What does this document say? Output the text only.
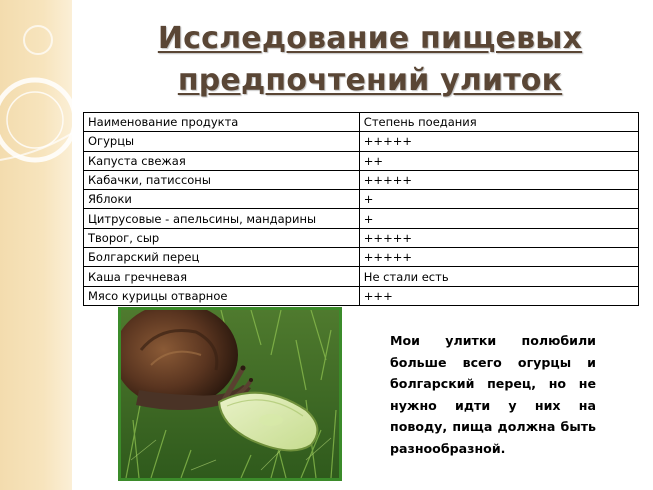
Исследование пищевых
предпочтений улиток
Наименование продукта	Степень поедания
Огурцы	+++++
Капуста свежая	++
Кабачки, патиссоны	+++++
Яблоки	+
Цитрусовые - апельсины, мандарины	+
Творог, сыр	+++++
Болгарский перец	+++++
Каша гречневая	Не стали есть
Мясо курицы отварное	+++

Мои улитки полюбили больше всего огурцы и болгарский перец, но не нужно идти у них на поводу, пища должна быть разнообразной.
